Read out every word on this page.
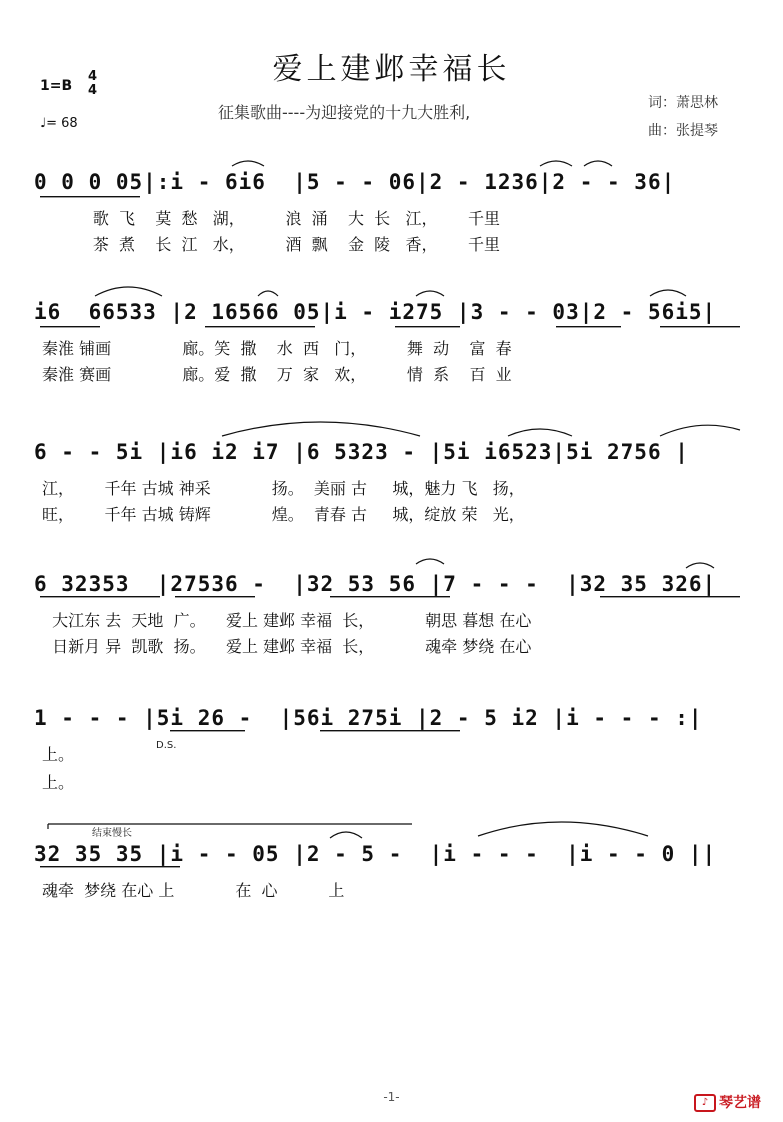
爱上建邺幸福长
征集歌曲----为迎接党的十九大胜利,	词：萧思林
曲：张提琴
1=B
4
4
♩= 68
0 0 0 05|:i - 6i6  |5 - - 06|2 - 1236|2 - - 36|
歌  飞    莫  愁   湖，        浪  涌    大  长   江，      千里
茶  煮    长  江   水，        酒  飘    金  陵   香，      千里
i6  66533 |2 16566 05|i - i275 |3 - - 03|2 - 56i5|
秦淮 铺画              廊。笑  撒    水  西   门，        舞  动    富  春
秦淮 赛画              廊。爱  撒    万  家   欢，        情  系    百  业
6 - - 5i |i6 i2 i7 |6 5323 - |5i i6523|5i 2756 |
江，      千年 古城 神采            扬。  美丽 古     城，魅力 飞   扬，
旺，      千年 古城 铸辉            煌。  青春 古     城，绽放 荣   光，
6 32353  |27536 -  |32 53 56 |7 - - -  |32 35 326|
大江东 去  天地  广。    爱上 建邺 幸福  长，          朝思 暮想 在心
日新月 异  凯歌  扬。    爱上 建邺 幸福  长，          魂牵 梦绕 在心
1 - - - |5i 26 -  |56i 275i |2 - 5 i2 |i - - - :|
上。
上。
D.S.
32 35 35 |i - - 05 |2 - 5 -  |i - - -  |i - - 0 ||
魂牵  梦绕 在心 上            在  心          上
结束慢长
-1-	♪ 琴艺谱
